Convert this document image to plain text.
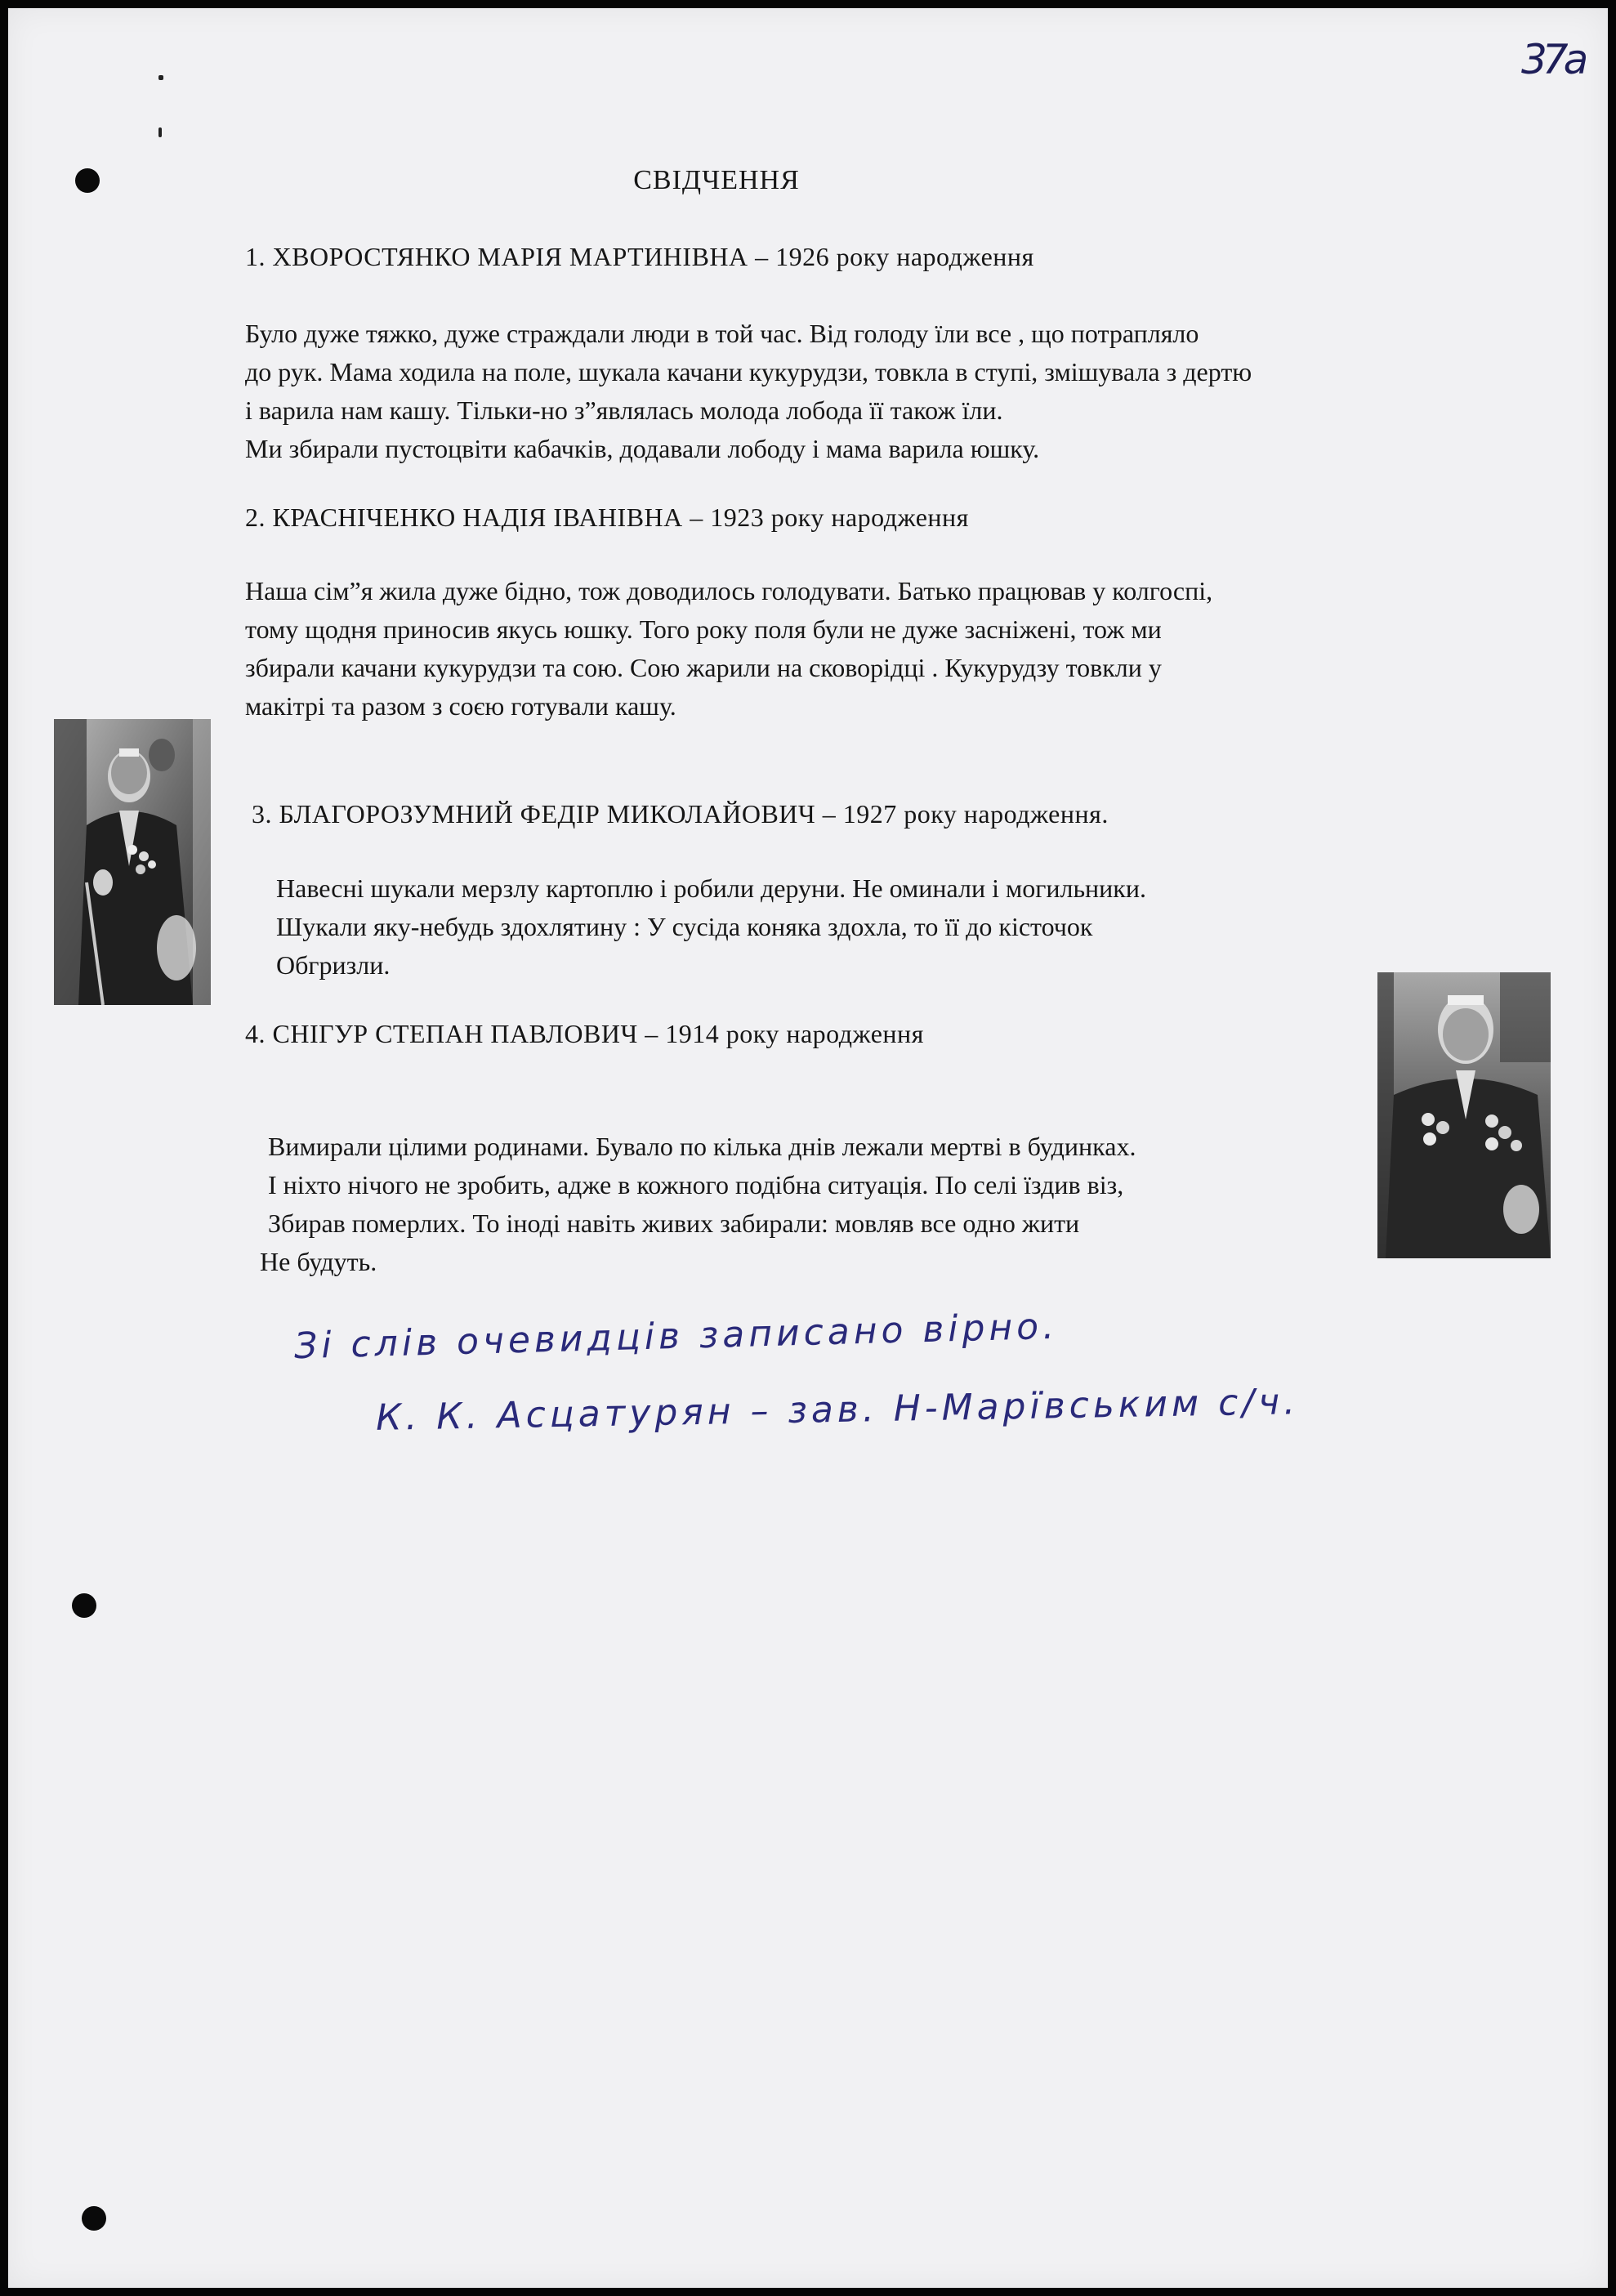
37а
СВІДЧЕННЯ
1. ХВОРОСТЯНКО МАРІЯ МАРТИНІВНА – 1926 року народження

Було дуже тяжко, дуже страждали люди в той час. Від голоду їли все , що потрапляло
до рук. Мама ходила на поле, шукала качани кукурудзи, товкла в ступі, змішувала з дертю
і варила нам кашу. Тільки-но з”являлась молода лобода її також їли.
Ми збирали пустоцвіти кабачків, додавали лободу і мама варила юшку.

2. КРАСНІЧЕНКО НАДІЯ ІВАНІВНА – 1923 року народження

Наша сім”я жила дуже бідно, тож доводилось голодувати. Батько працював у колгоспі,
тому щодня приносив якусь юшку. Того року поля були не дуже засніжені, тож ми
збирали качани кукурудзи та сою. Сою жарили на сковорідці . Кукурудзу товкли у
макітрі та разом з соєю готували кашу.

3. БЛАГОРОЗУМНИЙ ФЕДІР МИКОЛАЙОВИЧ – 1927 року народження.

Навесні шукали мерзлу картоплю і робили деруни. Не оминали і могильники.
Шукали яку-небудь здохлятину : У сусіда коняка здохла, то її до кісточок
Обгризли.

4. СНІГУР СТЕПАН ПАВЛОВИЧ – 1914 року народження

Вимирали цілими родинами. Бувало по кілька днів лежали мертві в будинках.
І ніхто нічого не зробить, адже в кожного подібна ситуація. По селі їздив віз,
Збирав померлих. То іноді навіть живих забирали: мовляв все одно жити
Не будуть.

Зі слів очевидців записано вірно.

К. К. Асцатурян – зав. Н-Марївським с/ч.
